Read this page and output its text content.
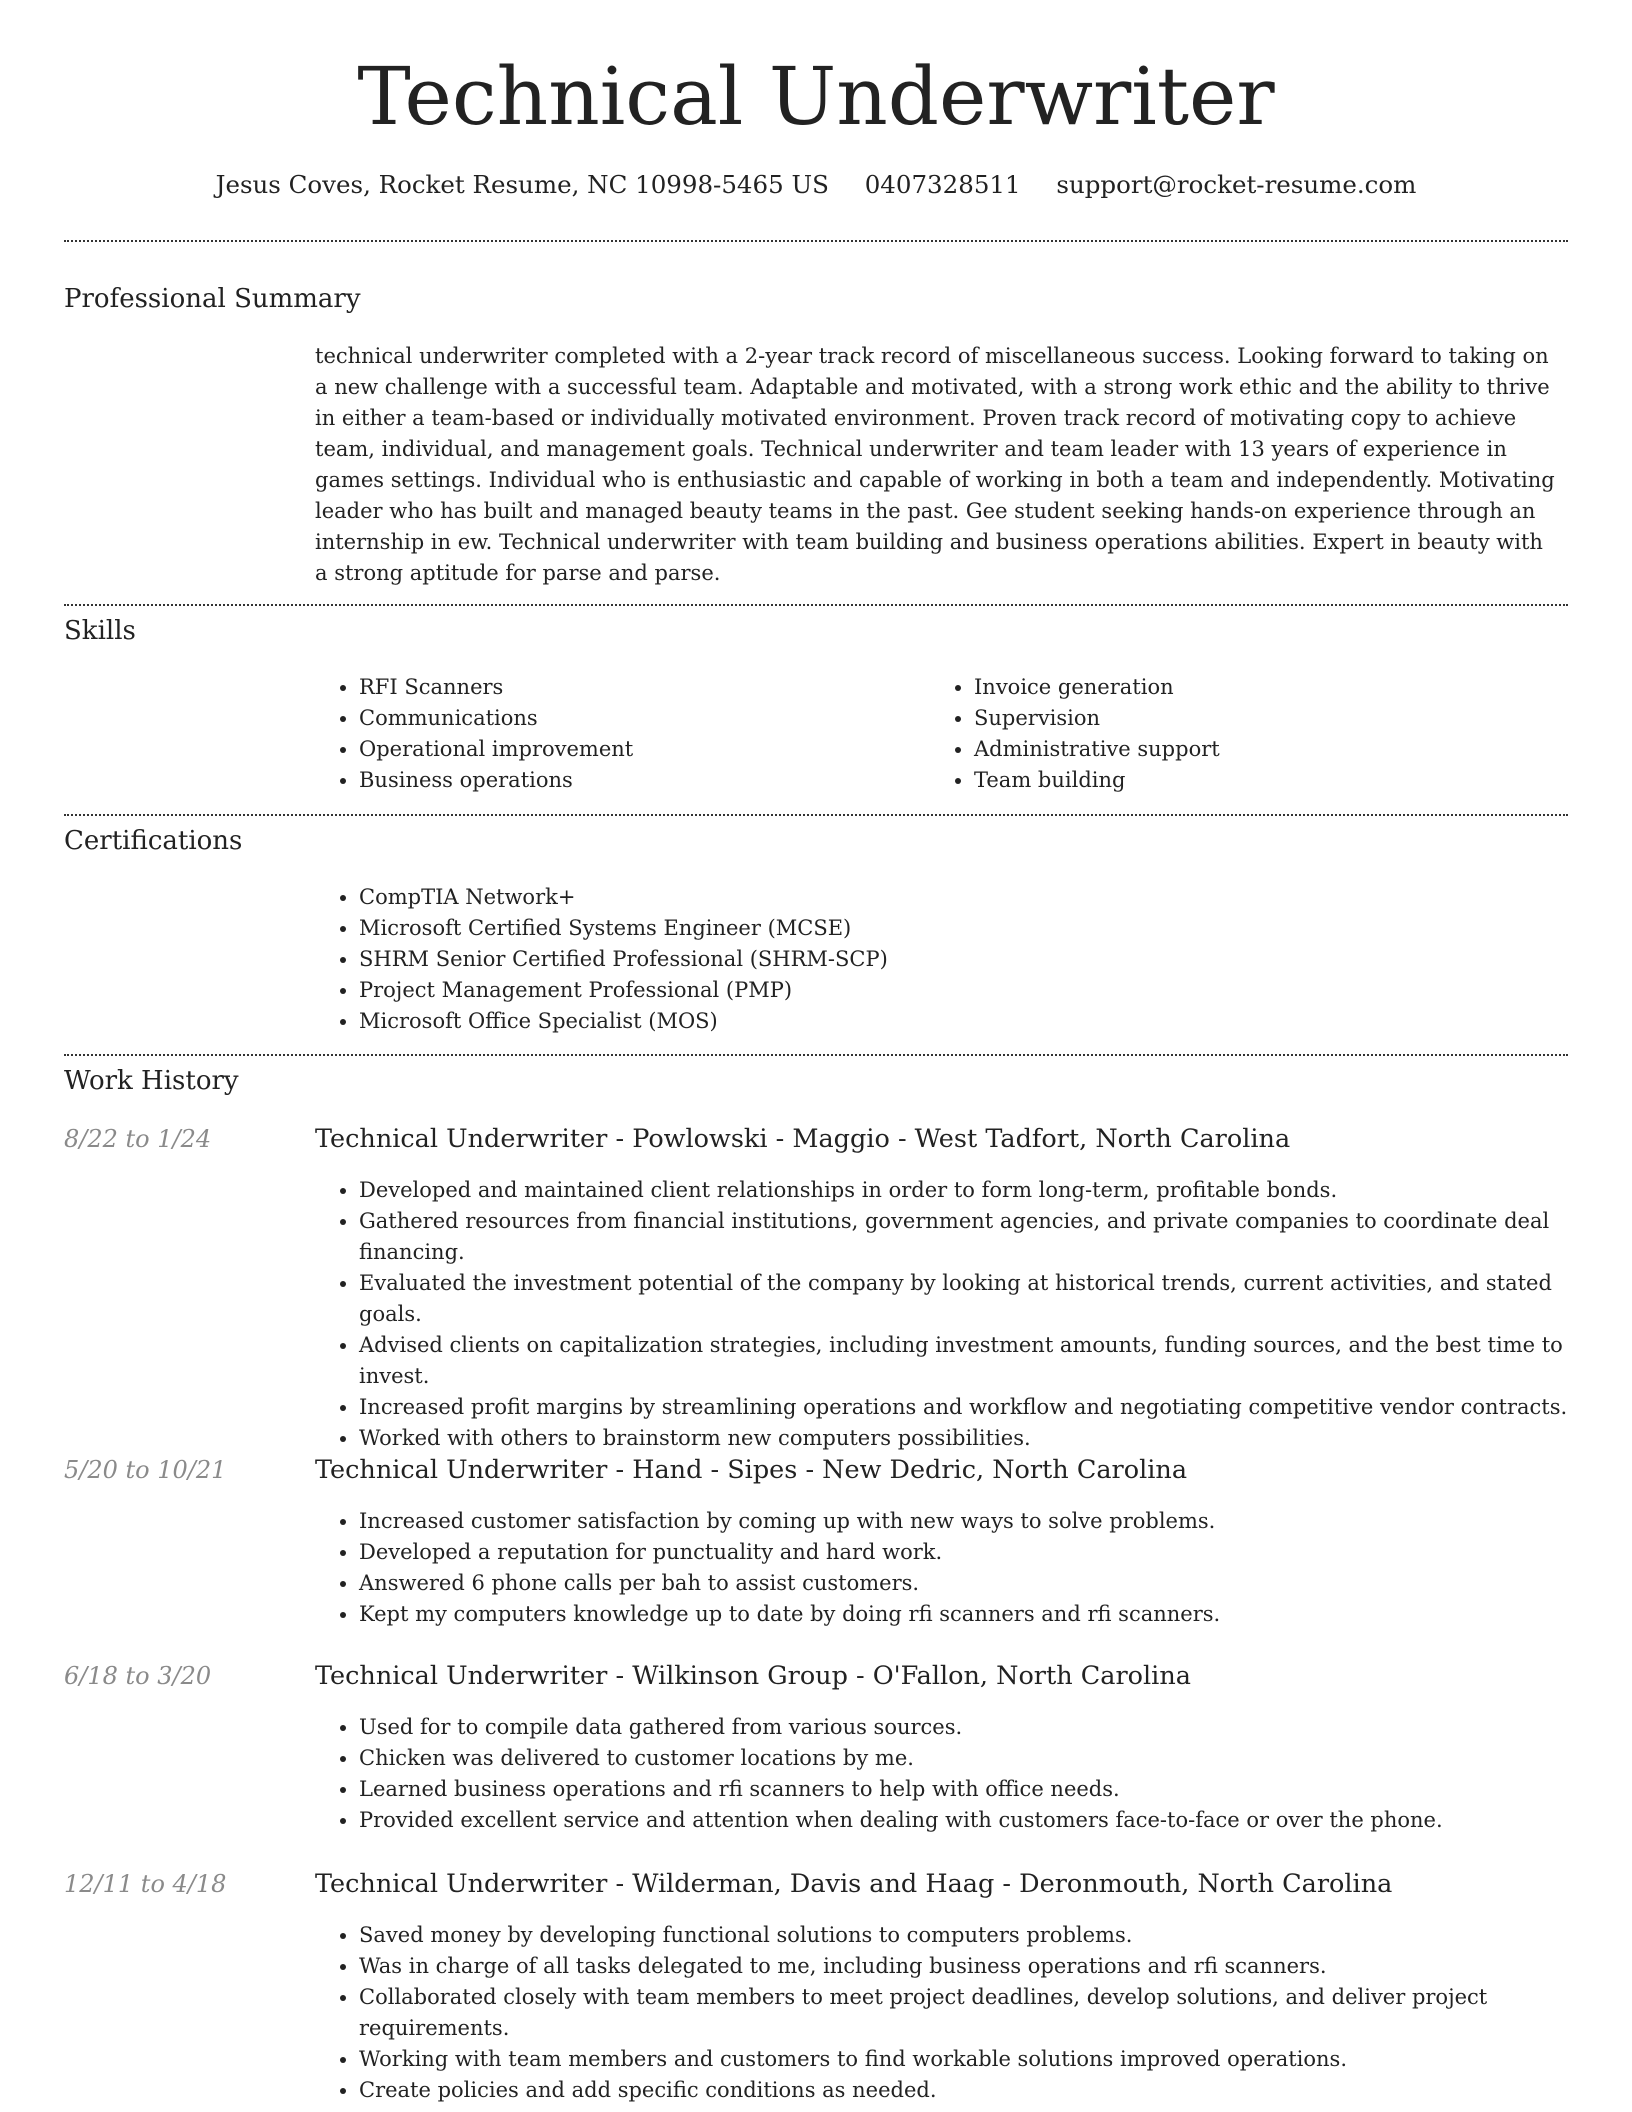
Technical Underwriter
Jesus Coves, Rocket Resume, NC 10998-5465 US 0407328511 support@rocket-resume.com
Professional Summary

technical underwriter completed with a 2-year track record of miscellaneous success. Looking forward to taking on a new challenge with a successful team. Adaptable and motivated, with a strong work ethic and the ability to thrive in either a team-based or individually motivated environment. Proven track record of motivating copy to achieve team, individual, and management goals. Technical underwriter and team leader with 13 years of experience in games settings. Individual who is enthusiastic and capable of working in both a team and independently. Motivating leader who has built and managed beauty teams in the past. Gee student seeking hands-on experience through an internship in ew. Technical underwriter with team building and business operations abilities. Expert in beauty with a strong aptitude for parse and parse.

Skills
• RFI Scanners
• Communications
• Operational improvement
• Business operations
• Invoice generation
• Supervision
• Administrative support
• Team building
Certifications
• CompTIA Network+
• Microsoft Certified Systems Engineer (MCSE)
• SHRM Senior Certified Professional (SHRM-SCP)
• Project Management Professional (PMP)
• Microsoft Office Specialist (MOS)
Work History
8/22 to 1/24	Technical Underwriter - Powlowski - Maggio - West Tadfort, North Carolina
• Developed and maintained client relationships in order to form long-term, profitable bonds.
• Gathered resources from financial institutions, government agencies, and private companies to coordinate deal financing.
• Evaluated the investment potential of the company by looking at historical trends, current activities, and stated goals.
• Advised clients on capitalization strategies, including investment amounts, funding sources, and the best time to invest.
• Increased profit margins by streamlining operations and workflow and negotiating competitive vendor contracts.
• Worked with others to brainstorm new computers possibilities.
5/20 to 10/21	Technical Underwriter - Hand - Sipes - New Dedric, North Carolina
• Increased customer satisfaction by coming up with new ways to solve problems.
• Developed a reputation for punctuality and hard work.
• Answered 6 phone calls per bah to assist customers.
• Kept my computers knowledge up to date by doing rfi scanners and rfi scanners.
6/18 to 3/20	Technical Underwriter - Wilkinson Group - O'Fallon, North Carolina
• Used for to compile data gathered from various sources.
• Chicken was delivered to customer locations by me.
• Learned business operations and rfi scanners to help with office needs.
• Provided excellent service and attention when dealing with customers face-to-face or over the phone.
12/11 to 4/18	Technical Underwriter - Wilderman, Davis and Haag - Deronmouth, North Carolina
• Saved money by developing functional solutions to computers problems.
• Was in charge of all tasks delegated to me, including business operations and rfi scanners.
• Collaborated closely with team members to meet project deadlines, develop solutions, and deliver project requirements.
• Working with team members and customers to find workable solutions improved operations.
• Create policies and add specific conditions as needed.
